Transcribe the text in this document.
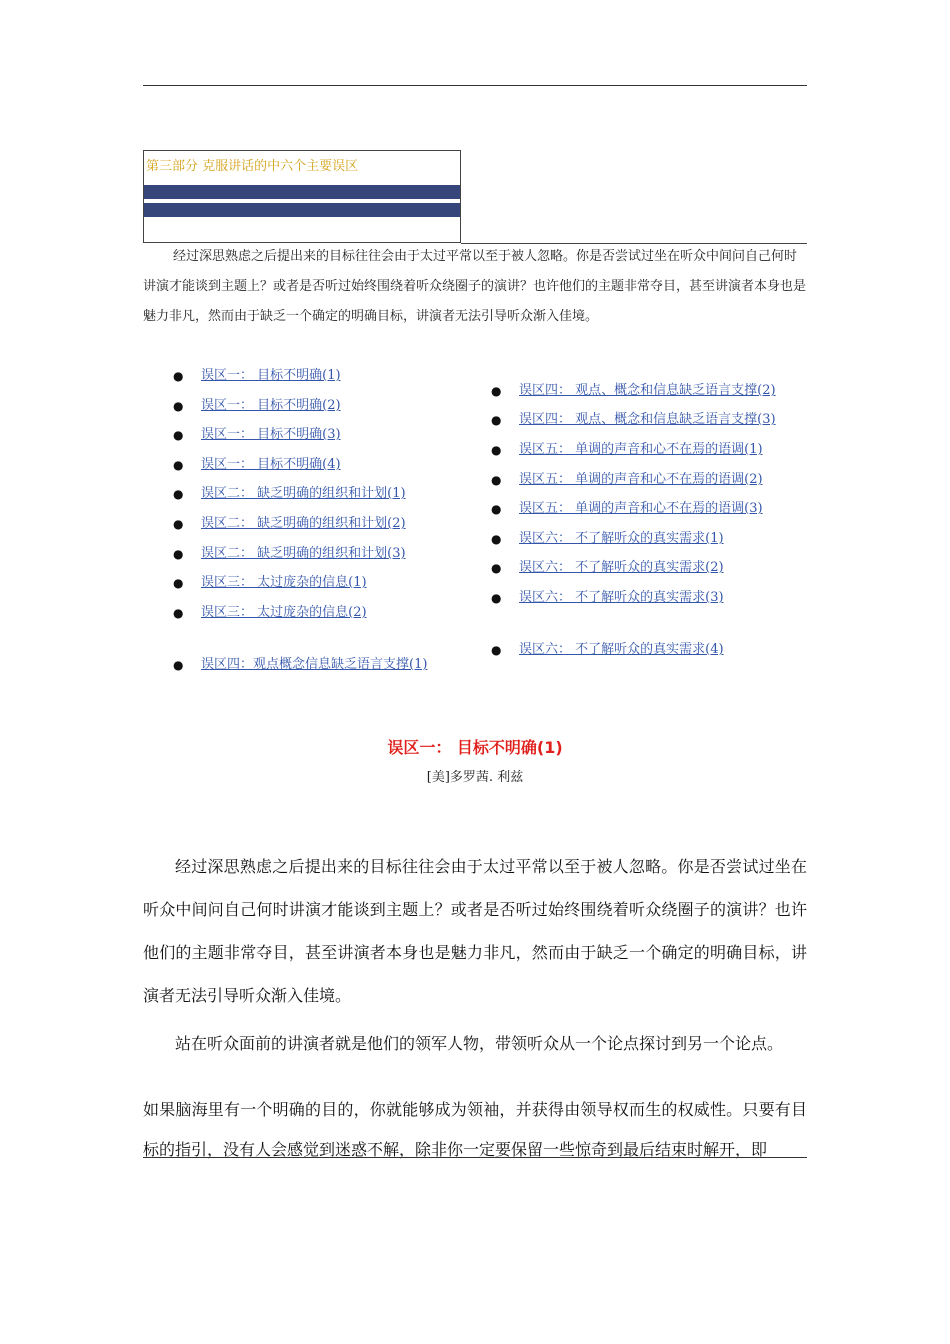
第三部分 克服讲话的中六个主要误区
经过深思熟虑之后提出来的目标往往会由于太过平常以至于被人忽略。你是否尝试过坐在听众中间问自己何时讲演才能谈到主题上？或者是否听过始终围绕着听众绕圈子的演讲？也许他们的主题非常夺目，甚至讲演者本身也是魅力非凡，然而由于缺乏一个确定的明确目标，讲演者无法引导听众渐入佳境。
● 误区一： 目标不明确(1)
● 误区一： 目标不明确(2)
● 误区一： 目标不明确(3)
● 误区一： 目标不明确(4)
● 误区二： 缺乏明确的组织和计划(1)
● 误区二： 缺乏明确的组织和计划(2)
● 误区二： 缺乏明确的组织和计划(3)
● 误区三： 太过庞杂的信息(1)
● 误区三： 太过庞杂的信息(2)
● 误区四：观点概念信息缺乏语言支撑(1)
● 误区四： 观点、概念和信息缺乏语言支撑(2)
● 误区四： 观点、概念和信息缺乏语言支撑(3)
● 误区五： 单调的声音和心不在焉的语调(1)
● 误区五： 单调的声音和心不在焉的语调(2)
● 误区五： 单调的声音和心不在焉的语调(3)
● 误区六： 不了解听众的真实需求(1)
● 误区六： 不了解听众的真实需求(2)
● 误区六： 不了解听众的真实需求(3)
● 误区六： 不了解听众的真实需求(4)
误区一： 目标不明确(1)
[美]多罗茜. 利兹
经过深思熟虑之后提出来的目标往往会由于太过平常以至于被人忽略。你是否尝试过坐在听众中间问自己何时讲演才能谈到主题上？或者是否听过始终围绕着听众绕圈子的演讲？也许他们的主题非常夺目，甚至讲演者本身也是魅力非凡，然而由于缺乏一个确定的明确目标，讲演者无法引导听众渐入佳境。
站在听众面前的讲演者就是他们的领军人物，带领听众从一个论点探讨到另一个论点。
如果脑海里有一个明确的目的，你就能够成为领袖，并获得由领导权而生的权威性。只要有目标的指引，没有人会感觉到迷惑不解，除非你一定要保留一些惊奇到最后结束时解开，即
